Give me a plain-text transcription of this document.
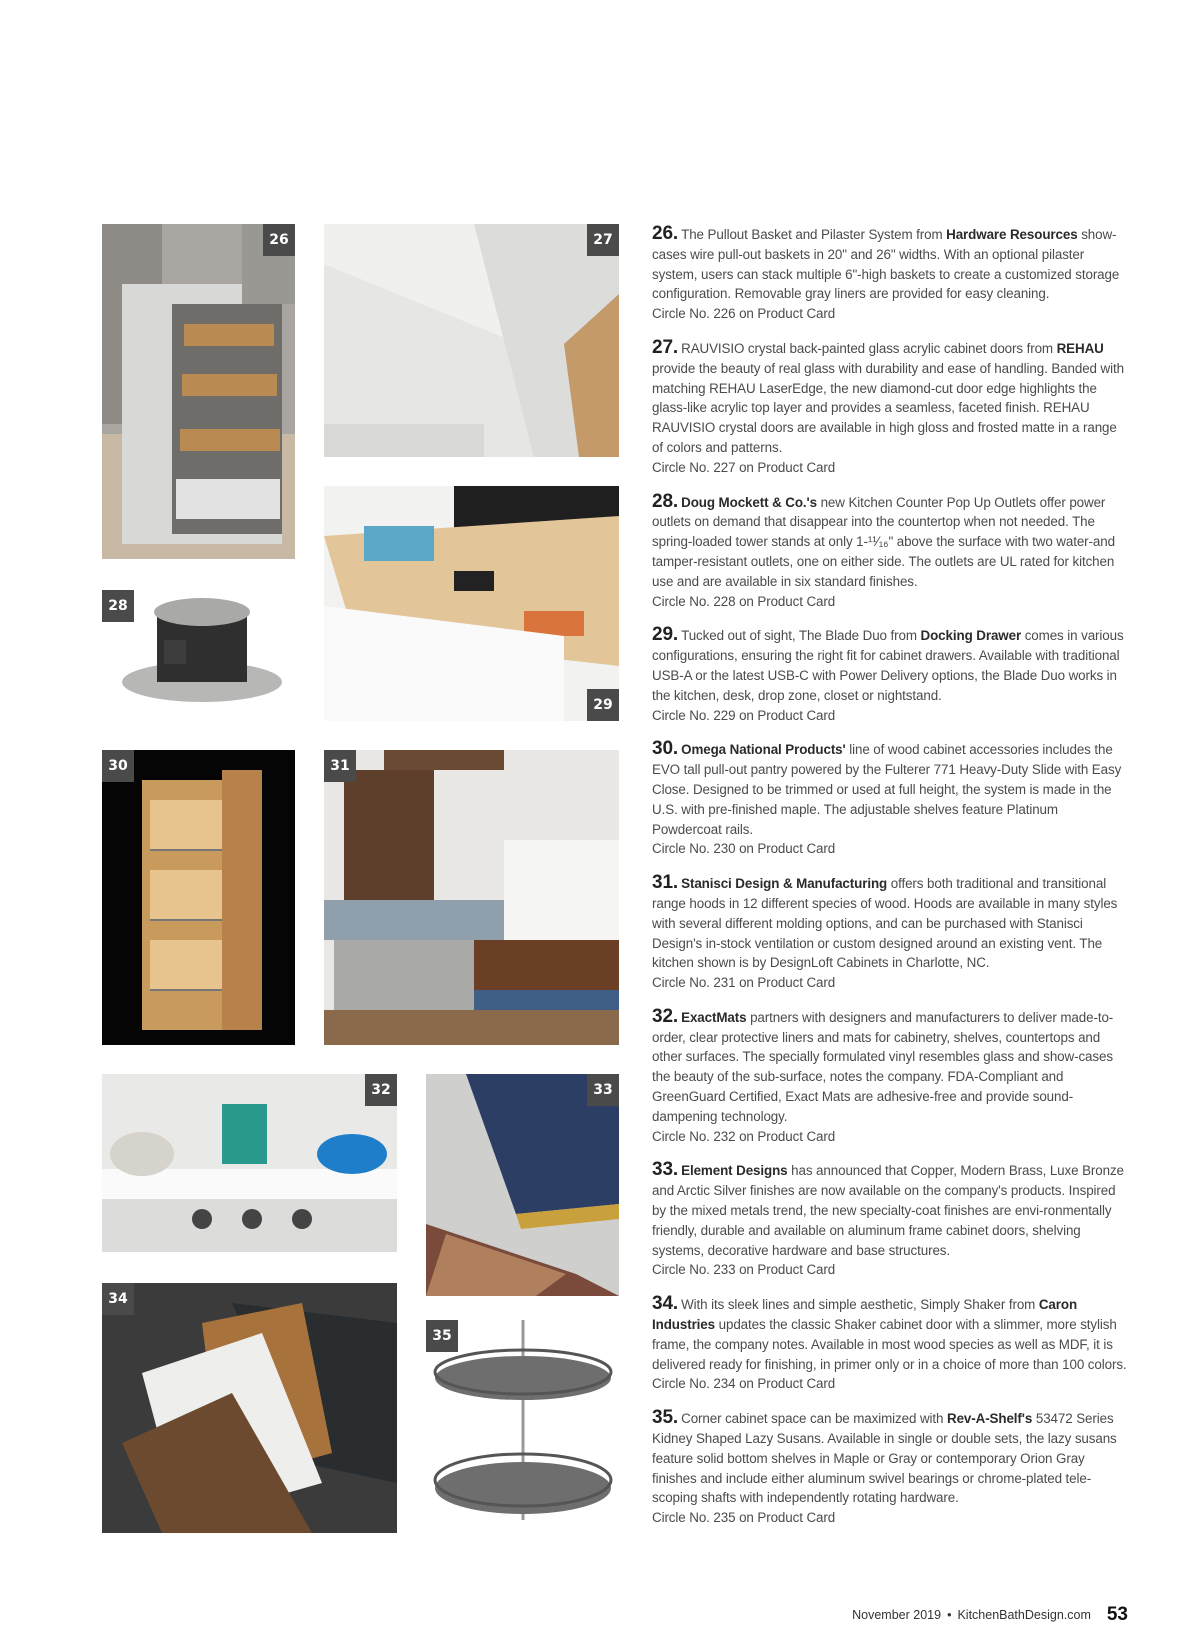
26	27
28
29
30	31
32	33
34
35

26. The Pullout Basket and Pilaster System from Hardware Resources show-cases wire pull-out baskets in 20" and 26" widths. With an optional pilaster system, users can stack multiple 6"-high baskets to create a customized storage configuration. Removable gray liners are provided for easy cleaning.
Circle No. 226 on Product Card

27. RAUVISIO crystal back-painted glass acrylic cabinet doors from REHAU provide the beauty of real glass with durability and ease of handling. Banded with matching REHAU LaserEdge, the new diamond-cut door edge highlights the glass-like acrylic top layer and provides a seamless, faceted finish. REHAU RAUVISIO crystal doors are available in high gloss and frosted matte in a range of colors and patterns.
Circle No. 227 on Product Card

28. Doug Mockett & Co.'s new Kitchen Counter Pop Up Outlets offer power outlets on demand that disappear into the countertop when not needed. The spring-loaded tower stands at only 1-¹¹⁄₁₆" above the surface with two water-and tamper-resistant outlets, one on either side. The outlets are UL rated for kitchen use and are available in six standard finishes.
Circle No. 228 on Product Card

29. Tucked out of sight, The Blade Duo from Docking Drawer comes in various configurations, ensuring the right fit for cabinet drawers. Available with traditional USB-A or the latest USB-C with Power Delivery options, the Blade Duo works in the kitchen, desk, drop zone, closet or nightstand.
Circle No. 229 on Product Card

30. Omega National Products' line of wood cabinet accessories includes the EVO tall pull-out pantry powered by the Fulterer 771 Heavy-Duty Slide with Easy Close. Designed to be trimmed or used at full height, the system is made in the U.S. with pre-finished maple. The adjustable shelves feature Platinum Powdercoat rails.
Circle No. 230 on Product Card

31. Stanisci Design & Manufacturing offers both traditional and transitional range hoods in 12 different species of wood. Hoods are available in many styles with several different molding options, and can be purchased with Stanisci Design's in-stock ventilation or custom designed around an existing vent. The kitchen shown is by DesignLoft Cabinets in Charlotte, NC.
Circle No. 231 on Product Card

32. ExactMats partners with designers and manufacturers to deliver made-to-order, clear protective liners and mats for cabinetry, shelves, countertops and other surfaces. The specially formulated vinyl resembles glass and show-cases the beauty of the sub-surface, notes the company. FDA-Compliant and GreenGuard Certified, Exact Mats are adhesive-free and provide sound-dampening technology.
Circle No. 232 on Product Card

33. Element Designs has announced that Copper, Modern Brass, Luxe Bronze and Arctic Silver finishes are now available on the company's products. Inspired by the mixed metals trend, the new specialty-coat finishes are envi-ronmentally friendly, durable and available on aluminum frame cabinet doors, shelving systems, decorative hardware and base structures.
Circle No. 233 on Product Card

34. With its sleek lines and simple aesthetic, Simply Shaker from Caron Industries updates the classic Shaker cabinet door with a slimmer, more stylish frame, the company notes. Available in most wood species as well as MDF, it is delivered ready for finishing, in primer only or in a choice of more than 100 colors.
Circle No. 234 on Product Card

35. Corner cabinet space can be maximized with Rev-A-Shelf's 53472 Series Kidney Shaped Lazy Susans. Available in single or double sets, the lazy susans feature solid bottom shelves in Maple or Gray or contemporary Orion Gray finishes and include either aluminum swivel bearings or chrome-plated tele-scoping shafts with independently rotating hardware.
Circle No. 235 on Product Card

November 2019 • KitchenBathDesign.com 53
